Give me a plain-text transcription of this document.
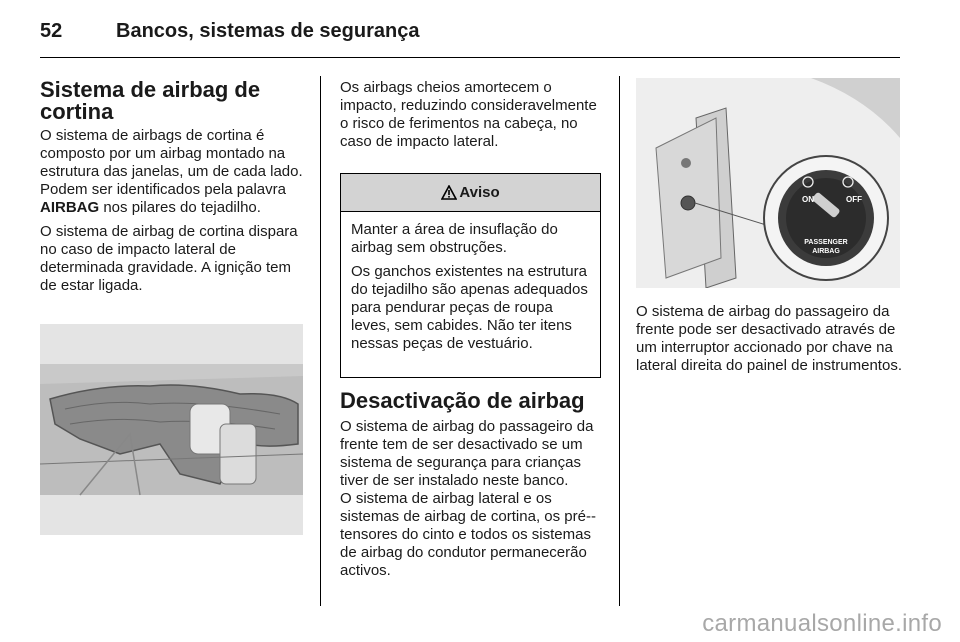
52	Bancos, sistemas de segurança
Sistema de airbag de cortina

O sistema de airbags de cortina é composto por um airbag montado na estrutura das janelas, um de cada lado. Podem ser identificados pela palavra AIRBAG nos pilares do tejadilho.

O sistema de airbag de cortina dispara no caso de impacto lateral de determinada gravidade. A ignição tem de estar ligada.

Os airbags cheios amortecem o impacto, reduzindo consideravelmente o risco de ferimentos na cabeça, no caso de impacto lateral.

Aviso

Manter a área de insuflação do airbag sem obstruções.

Os ganchos existentes na estrutura do tejadilho são apenas adequados para pendurar peças de roupa leves, sem cabides. Não ter itens nessas peças de vestuário.

Desactivação de airbag

O sistema de airbag do passageiro da frente tem de ser desactivado se um sistema de segurança para crianças tiver de ser instalado neste banco.

O sistema de airbag lateral e os sistemas de airbag de cortina, os pré--tensores do cinto e todos os sistemas de airbag do condutor permanecerão activos.

ON	OFF
PASSENGER
AIRBAG

O sistema de airbag do passageiro da frente pode ser desactivado através de um interruptor accionado por chave na lateral direita do painel de instrumentos.

carmanualsonline.info
